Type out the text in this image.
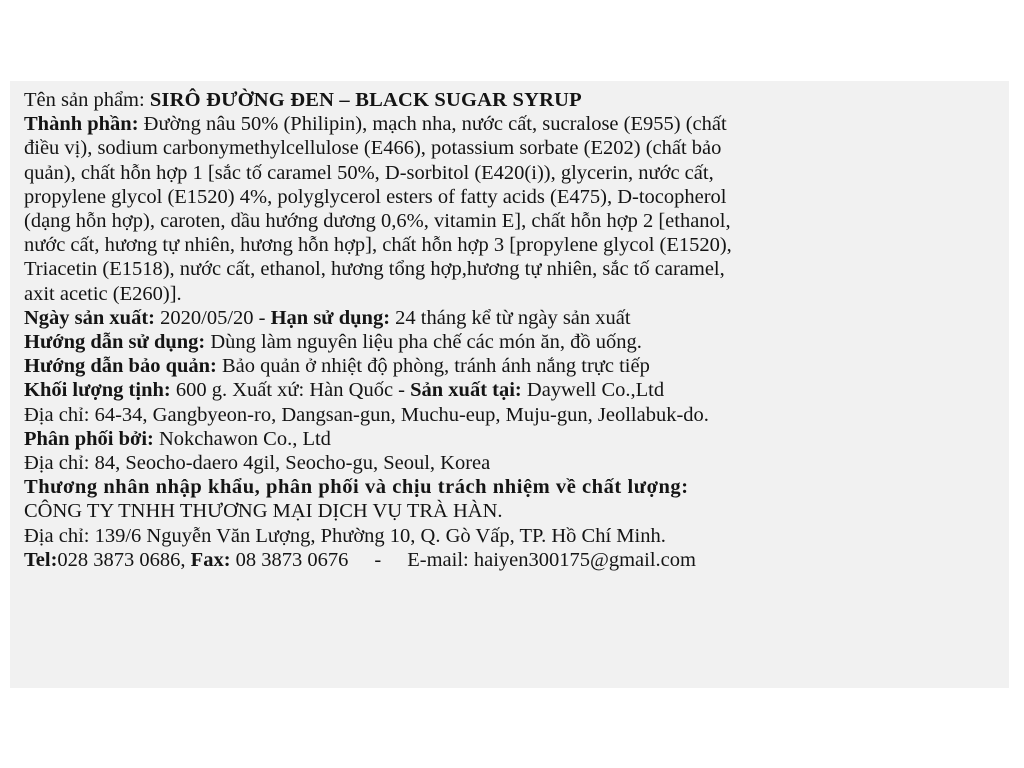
Tên sản phẩm: SIRÔ ĐƯỜNG ĐEN – BLACK SUGAR SYRUP
Thành phần: Đường nâu 50% (Philipin), mạch nha, nước cất, sucralose (E955) (chất
điều vị), sodium carbonymethylcellulose (E466), potassium sorbate (E202) (chất bảo
quản), chất hỗn hợp 1 [sắc tố caramel 50%, D-sorbitol (E420(i)), glycerin, nước cất,
propylene glycol (E1520) 4%, polyglycerol esters of fatty acids (E475), D-tocopherol
(dạng hỗn hợp), caroten, dầu hướng dương 0,6%, vitamin E], chất hỗn hợp 2 [ethanol,
nước cất, hương tự nhiên, hương hỗn hợp], chất hỗn hợp 3 [propylene glycol (E1520),
Triacetin (E1518), nước cất, ethanol, hương tổng hợp,hương tự nhiên, sắc tố caramel,
axit acetic (E260)].
Ngày sản xuất: 2020/05/20 - Hạn sử dụng: 24 tháng kể từ ngày sản xuất
Hướng dẫn sử dụng: Dùng làm nguyên liệu pha chế các món ăn, đồ uống.
Hướng dẫn bảo quản: Bảo quản ở nhiệt độ phòng, tránh ánh nắng trực tiếp
Khối lượng tịnh: 600 g. Xuất xứ: Hàn Quốc - Sản xuất tại: Daywell Co.,Ltd
Địa chỉ: 64-34, Gangbyeon-ro, Dangsan-gun, Muchu-eup, Muju-gun, Jeollabuk-do.
Phân phối bởi: Nokchawon Co., Ltd
Địa chỉ: 84, Seocho-daero 4gil, Seocho-gu, Seoul, Korea
Thương nhân nhập khẩu, phân phối và chịu trách nhiệm về chất lượng:
CÔNG TY TNHH THƯƠNG MẠI DỊCH VỤ TRÀ HÀN.
Địa chỉ: 139/6 Nguyễn Văn Lượng, Phường 10, Q. Gò Vấp, TP. Hồ Chí Minh.
Tel:028 3873 0686, Fax: 08 3873 0676 - E-mail: haiyen300175@gmail.com
